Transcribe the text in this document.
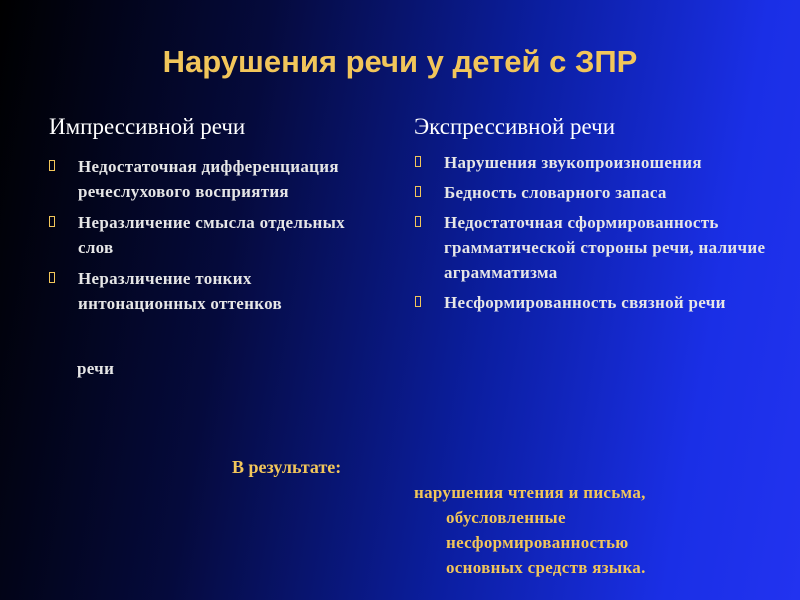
Нарушения речи у детей с ЗПР
Импрессивной речи	Экспрессивной речи
Недостаточная дифференциация речеслухового восприятия
Неразличение смысла отдельных слов
Неразличение тонких интонационных оттенков
речи
Нарушения звукопроизношения
Бедность словарного запаса
Недостаточная сформированность грамматической стороны речи, наличие аграмматизма
Несформированность связной речи
В результате:
нарушения чтения и письма,
обусловленные
несформированностью
основных средств языка.
